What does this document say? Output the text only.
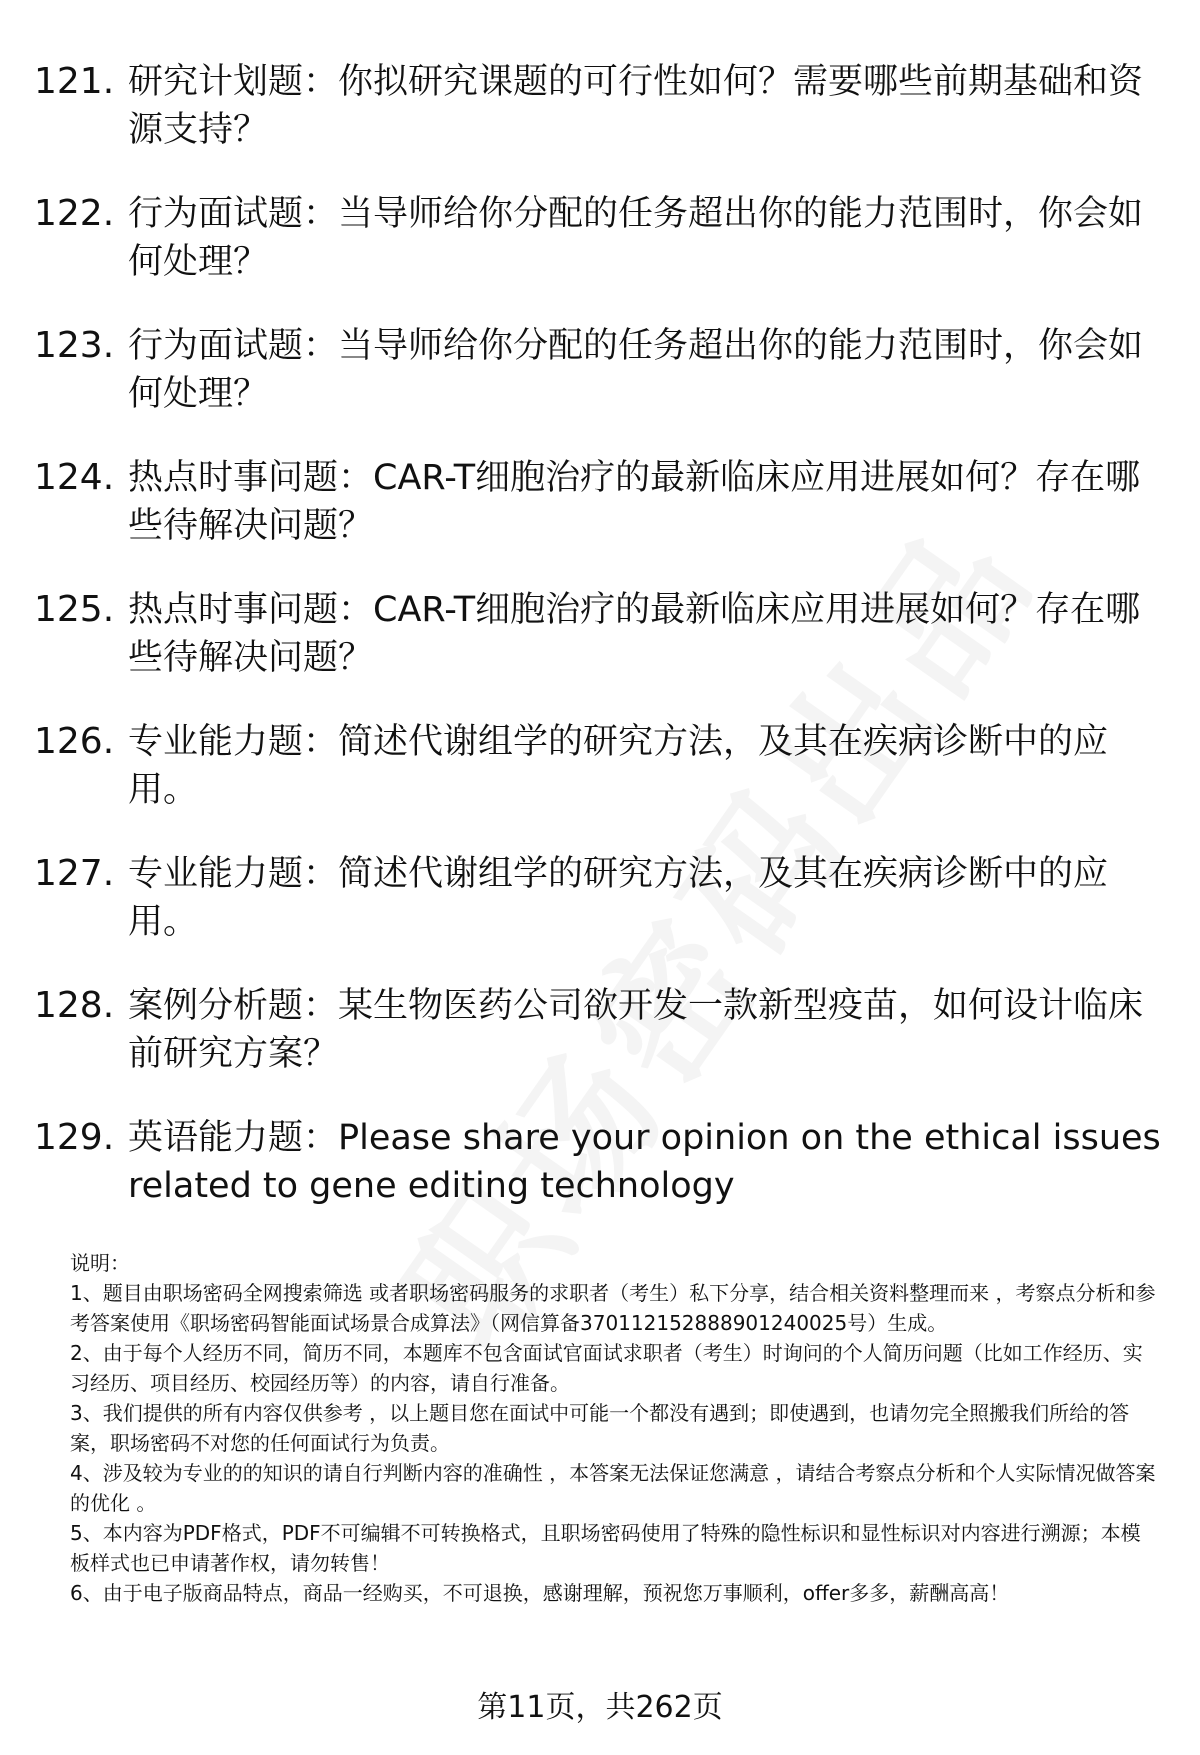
121. 研究计划题：你拟研究课题的可行性如何？需要哪些前期基础和资源支持？
122. 行为面试题：当导师给你分配的任务超出你的能力范围时，你会如何处理？
123. 行为面试题：当导师给你分配的任务超出你的能力范围时，你会如何处理？
124. 热点时事问题：CAR-T细胞治疗的最新临床应用进展如何？存在哪些待解决问题？
125. 热点时事问题：CAR-T细胞治疗的最新临床应用进展如何？存在哪些待解决问题？
126. 专业能力题：简述代谢组学的研究方法，及其在疾病诊断中的应用。
127. 专业能力题：简述代谢组学的研究方法，及其在疾病诊断中的应用。
128. 案例分析题：某生物医药公司欲开发一款新型疫苗，如何设计临床前研究方案？
129. 英语能力题：Please share your opinion on the ethical issues related to gene editing technology

说明：

1、题目由职场密码全网搜索筛选 或者职场密码服务的求职者（考生）私下分享，结合相关资料整理而来 ，考察点分析和参考答案使用《职场密码智能面试场景合成算法》（网信算备370112152888901240025号）生成。

2、由于每个人经历不同，简历不同，本题库不包含面试官面试求职者（考生）时询问的个人简历问题（比如工作经历、实习经历、项目经历、校园经历等）的内容，请自行准备。

3、我们提供的所有内容仅供参考 ，以上题目您在面试中可能一个都没有遇到；即使遇到，也请勿完全照搬我们所给的答案，职场密码不对您的任何面试行为负责。

4、涉及较为专业的的知识的请自行判断内容的准确性 ，本答案无法保证您满意 ，请结合考察点分析和个人实际情况做答案的优化 。

5、本内容为PDF格式，PDF不可编辑不可转换格式，且职场密码使用了特殊的隐性标识和显性标识对内容进行溯源；本模板样式也已申请著作权，请勿转售！

6、由于电子版商品特点，商品一经购买，不可退换，感谢理解，预祝您万事顺利，offer多多，薪酬高高！

第11页，共262页
